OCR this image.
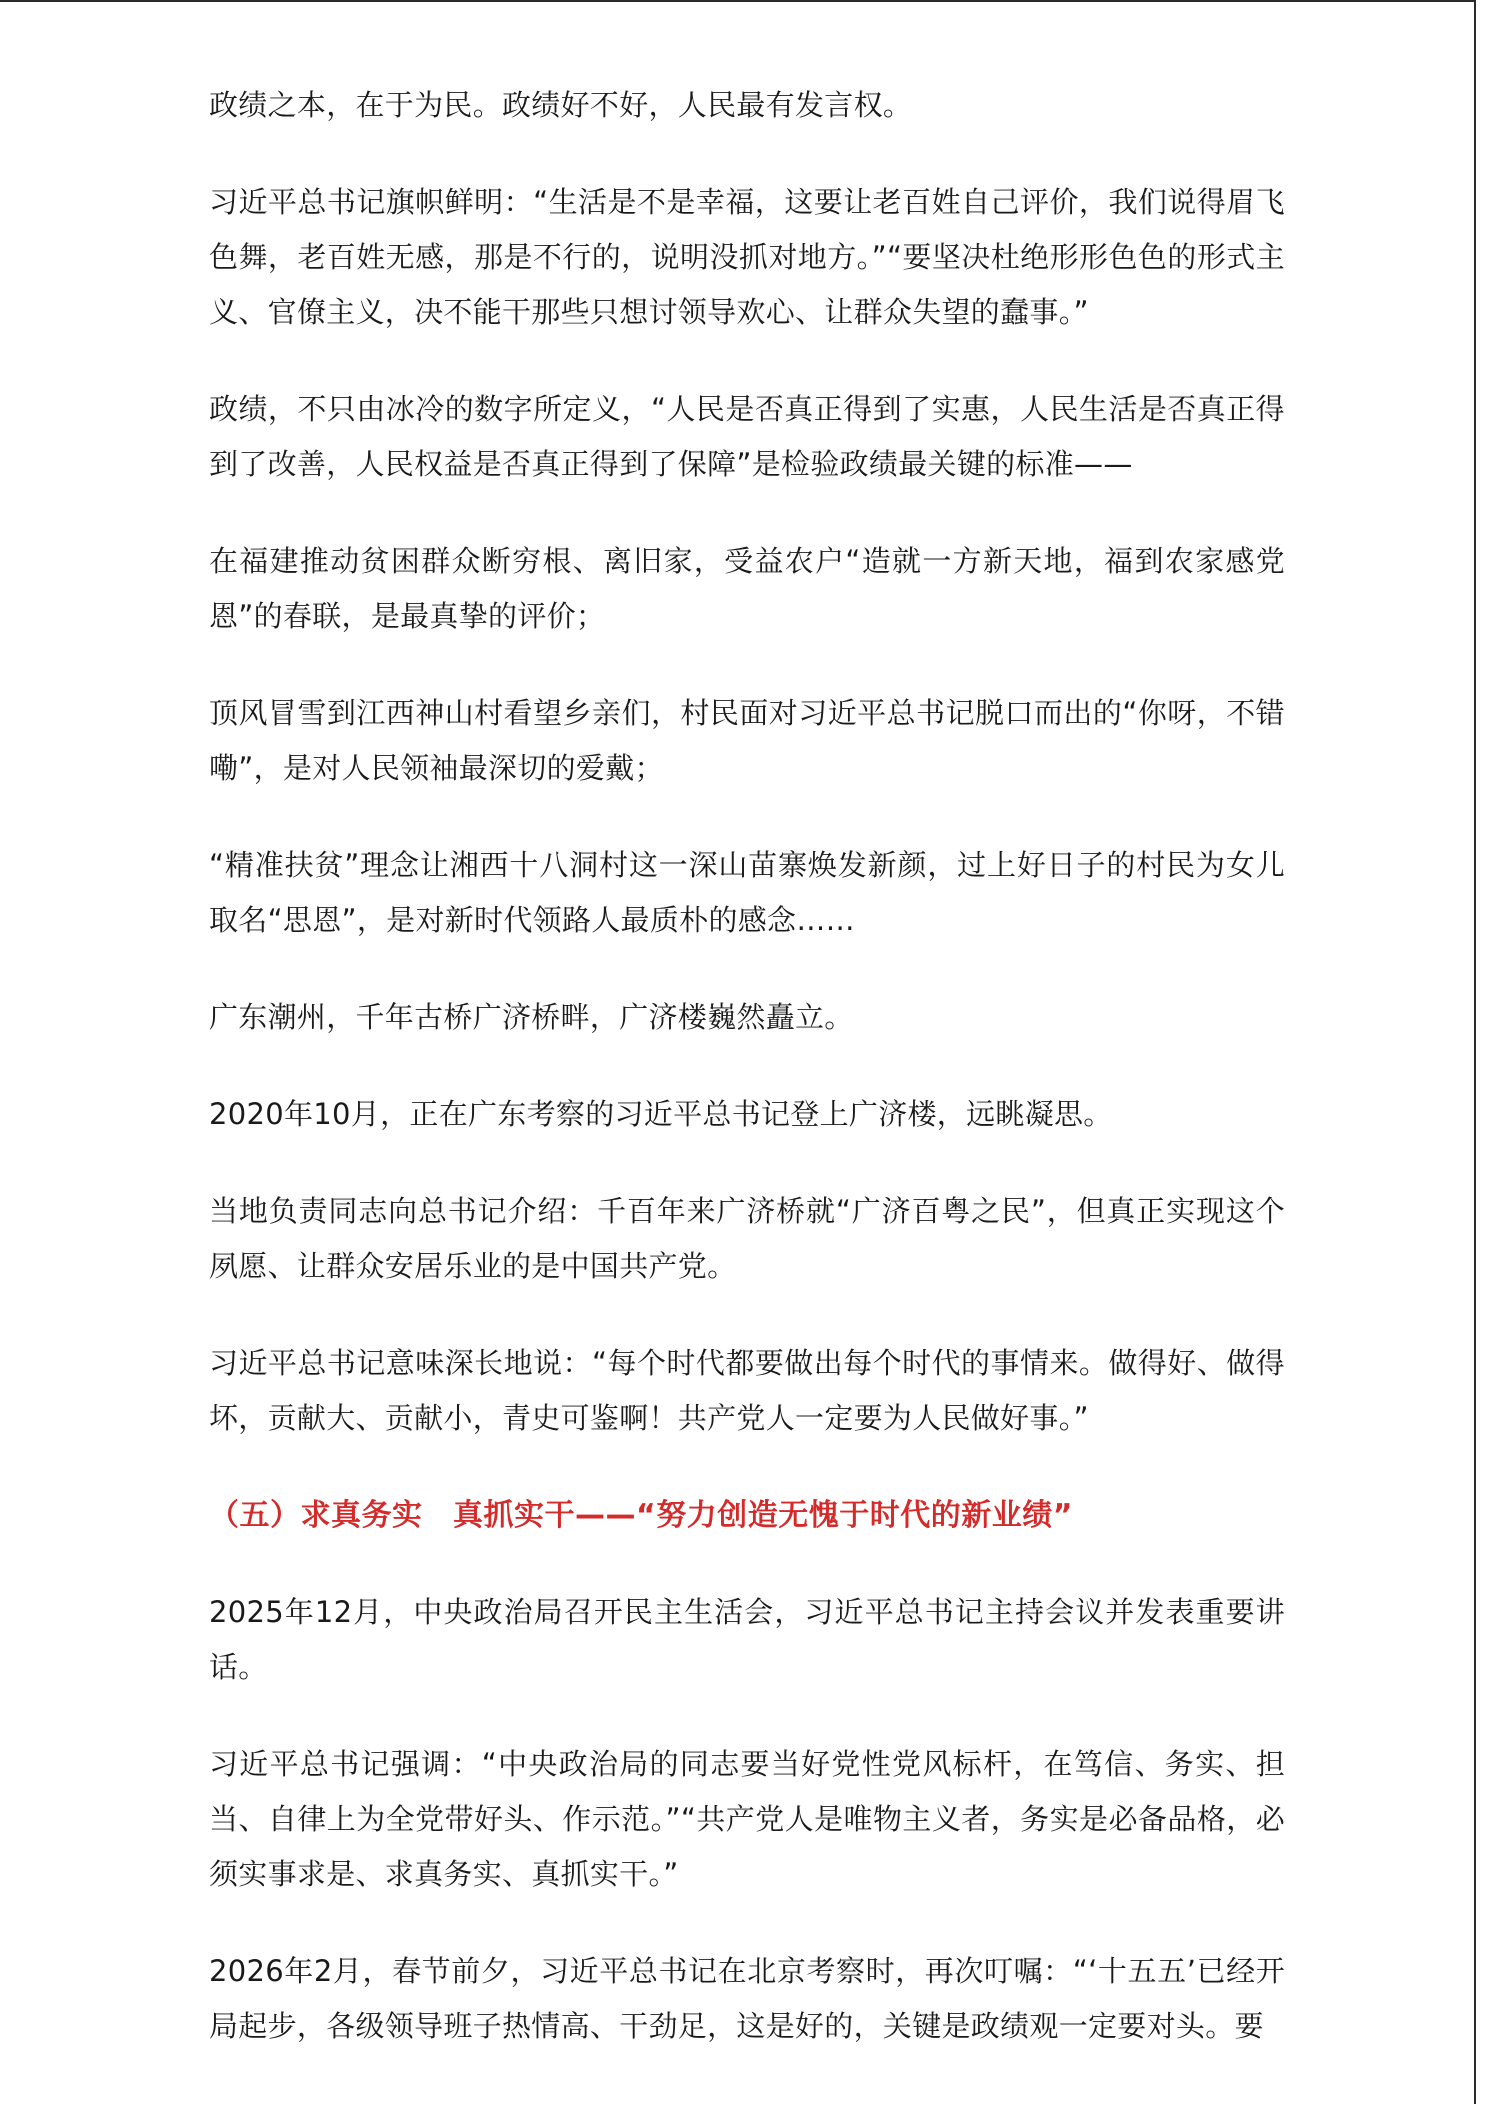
政绩之本，在于为民。政绩好不好，人民最有发言权。

习近平总书记旗帜鲜明：“生活是不是幸福，这要让老百姓自己评价，我们说得眉飞色舞，老百姓无感，那是不行的，说明没抓对地方。”“要坚决杜绝形形色色的形式主义、官僚主义，决不能干那些只想讨领导欢心、让群众失望的蠢事。”

政绩，不只由冰冷的数字所定义，“人民是否真正得到了实惠，人民生活是否真正得到了改善，人民权益是否真正得到了保障”是检验政绩最关键的标准——

在福建推动贫困群众断穷根、离旧家，受益农户“造就一方新天地，福到农家感党恩”的春联，是最真挚的评价；

顶风冒雪到江西神山村看望乡亲们，村民面对习近平总书记脱口而出的“你呀，不错嘞”，是对人民领袖最深切的爱戴；

“精准扶贫”理念让湘西十八洞村这一深山苗寨焕发新颜，过上好日子的村民为女儿取名“思恩”，是对新时代领路人最质朴的感念……

广东潮州，千年古桥广济桥畔，广济楼巍然矗立。

2020年10月，正在广东考察的习近平总书记登上广济楼，远眺凝思。

当地负责同志向总书记介绍：千百年来广济桥就“广济百粤之民”，但真正实现这个夙愿、让群众安居乐业的是中国共产党。

习近平总书记意味深长地说：“每个时代都要做出每个时代的事情来。做得好、做得坏，贡献大、贡献小，青史可鉴啊！共产党人一定要为人民做好事。”

（五）求真务实　真抓实干——“努力创造无愧于时代的新业绩”

2025年12月，中央政治局召开民主生活会，习近平总书记主持会议并发表重要讲话。

习近平总书记强调：“中央政治局的同志要当好党性党风标杆，在笃信、务实、担当、自律上为全党带好头、作示范。”“共产党人是唯物主义者，务实是必备品格，必须实事求是、求真务实、真抓实干。”

2026年2月，春节前夕，习近平总书记在北京考察时，再次叮嘱：“‘十五五’已经开局起步，各级领导班子热情高、干劲足，这是好的，关键是政绩观一定要对头。要
